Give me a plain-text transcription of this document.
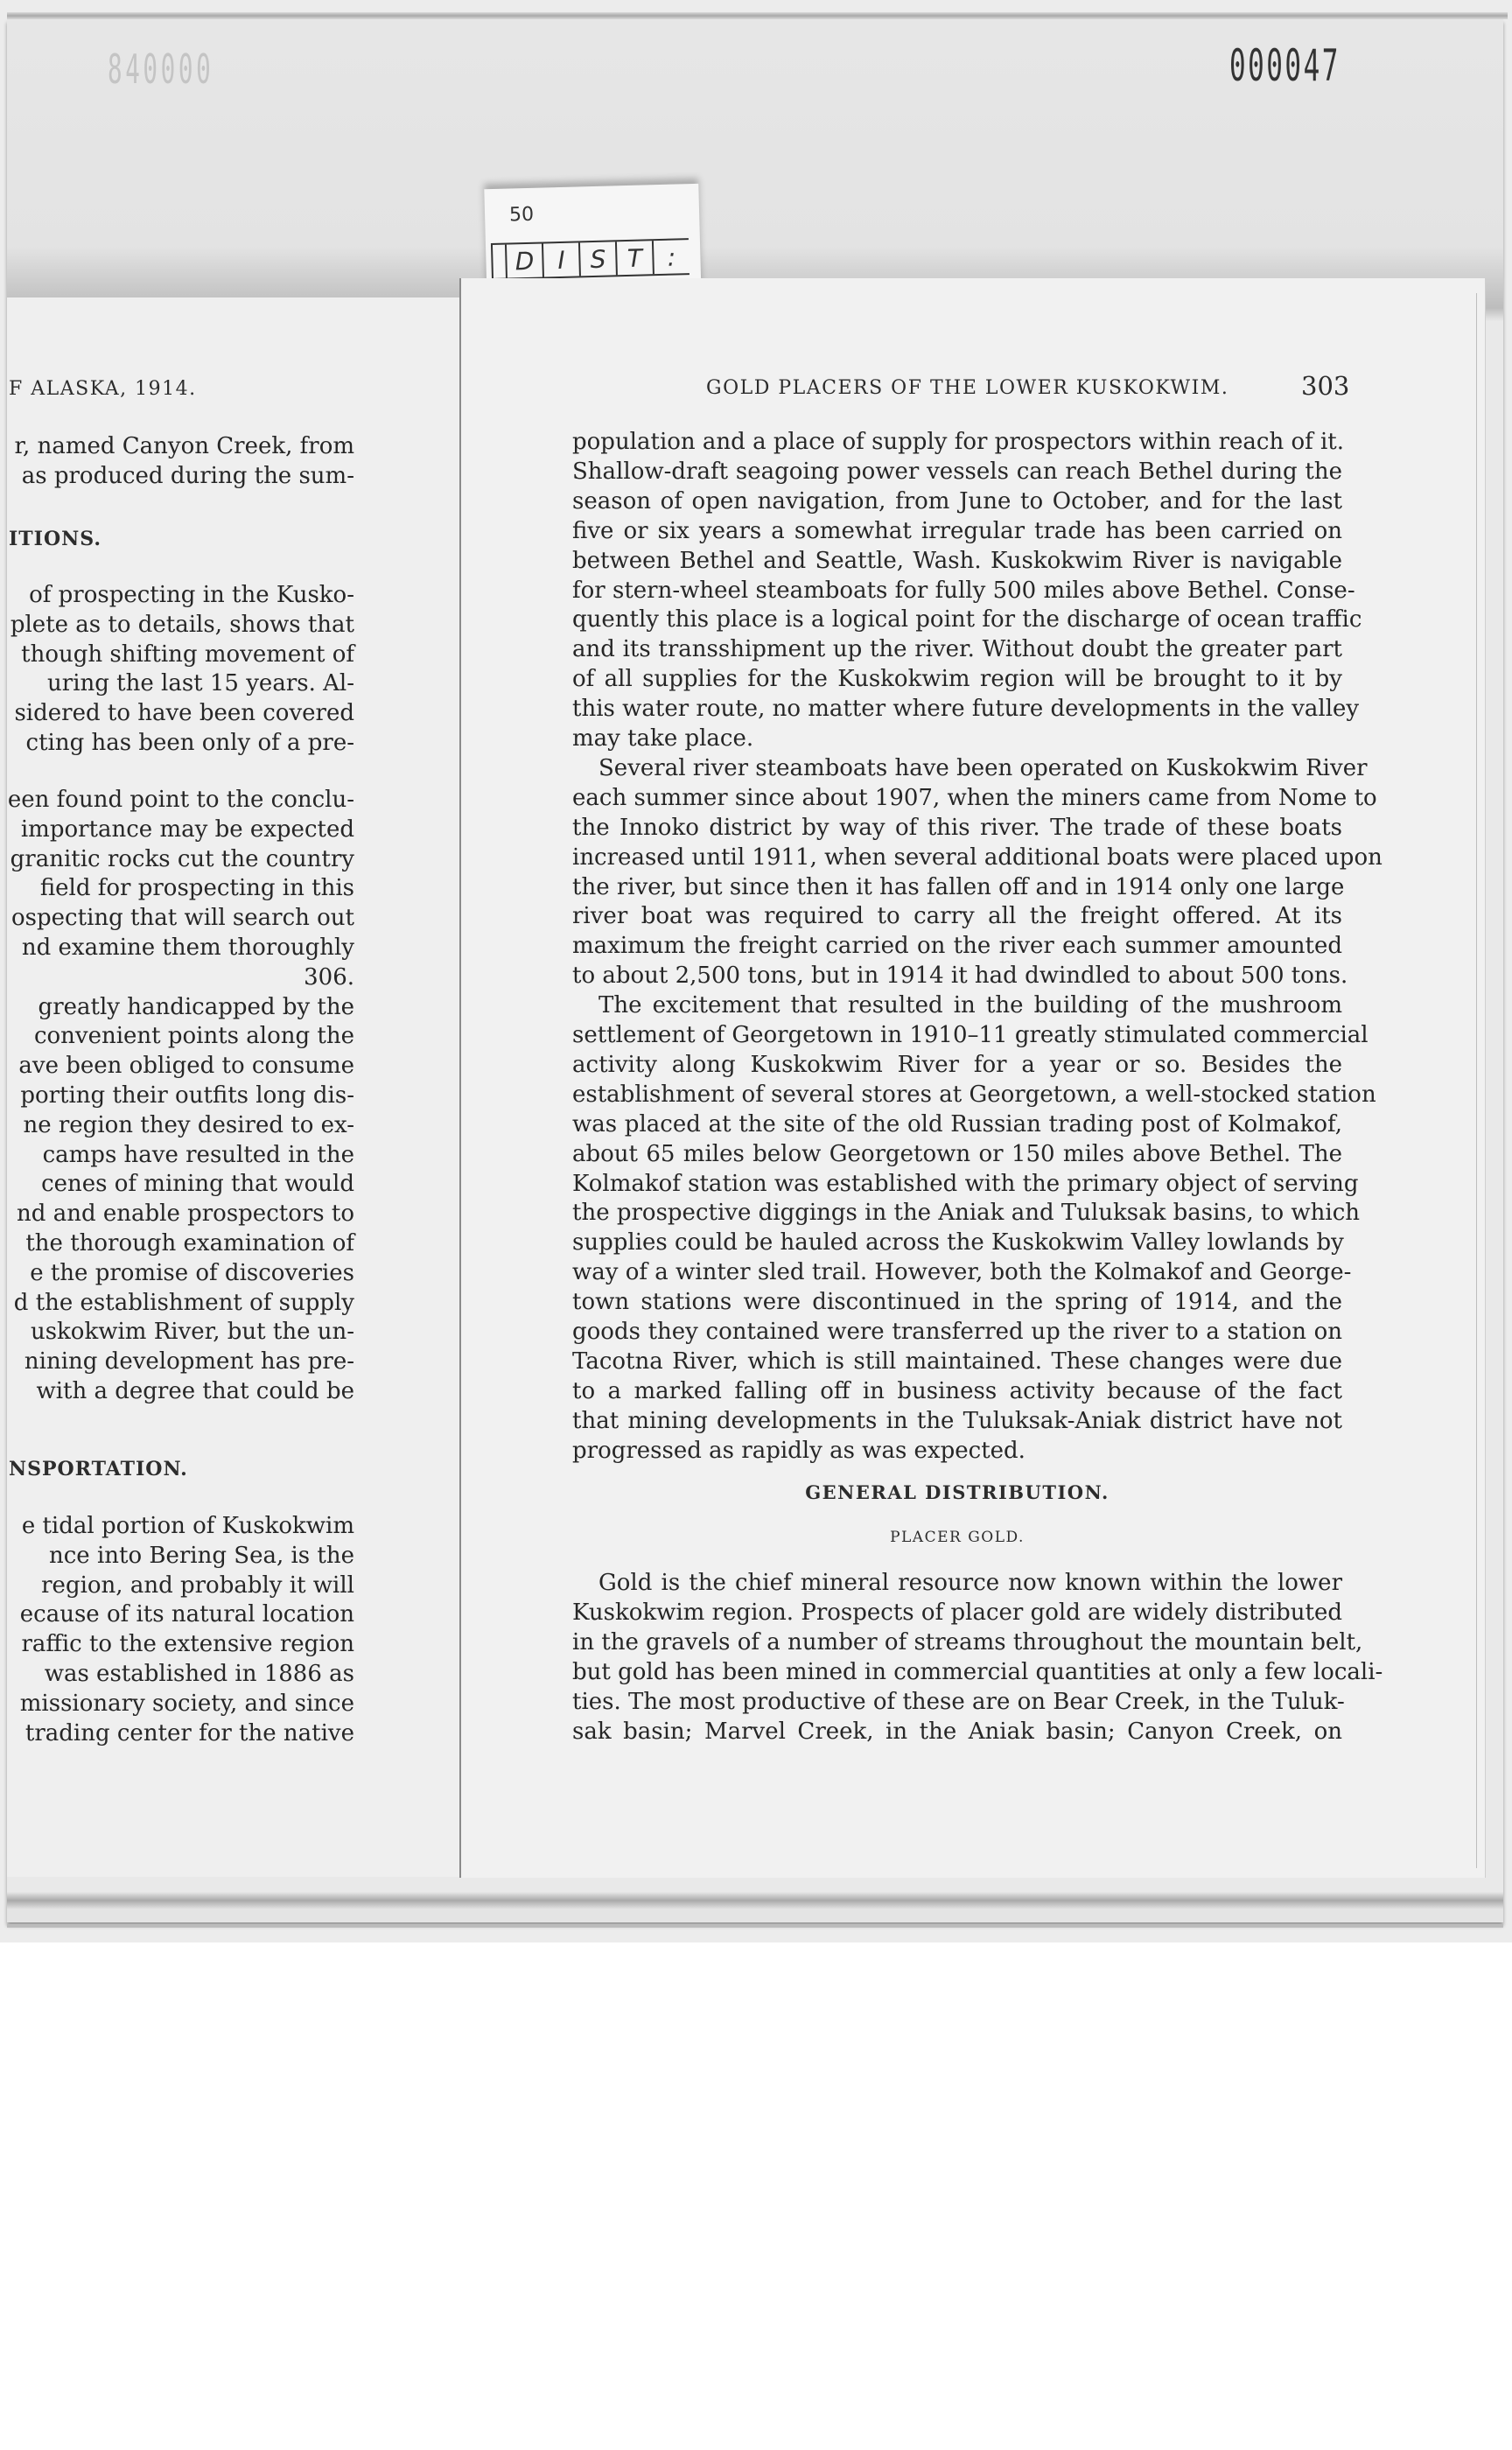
840000	000047
F ALASKA, 1914.
r, named Canyon Creek, from
as produced during the sum-
ITIONS.
of prospecting in the Kusko-
plete as to details, shows that
though shifting movement of
uring the last 15 years. Al-
sidered to have been covered
cting has been only of a pre-
een found point to the conclu-
importance may be expected
granitic rocks cut the country
field for prospecting in this
ospecting that will search out
nd examine them thoroughly
306.
greatly handicapped by the
convenient points along the
ave been obliged to consume
porting their outfits long dis-
ne region they desired to ex-
camps have resulted in the
cenes of mining that would
nd and enable prospectors to
the thorough examination of
e the promise of discoveries
d the establishment of supply
uskokwim River, but the un-
nining development has pre-
with a degree that could be
NSPORTATION.
e tidal portion of Kuskokwim
nce into Bering Sea, is the
region, and probably it will
ecause of its natural location
raffic to the extensive region
was established in 1886 as
missionary society, and since
trading center for the native
50
D I	S T :
GOLD PLACERS OF THE LOWER KUSKOKWIM.	303
population and a place of supply for prospectors within reach of it.
Shallow-draft seagoing power vessels can reach Bethel during the
season of open navigation, from June to October, and for the last
five or six years a somewhat irregular trade has been carried on
between Bethel and Seattle, Wash. Kuskokwim River is navigable
for stern-wheel steamboats for fully 500 miles above Bethel. Conse-
quently this place is a logical point for the discharge of ocean traffic
and its transshipment up the river. Without doubt the greater part
of all supplies for the Kuskokwim region will be brought to it by
this water route, no matter where future developments in the valley
may take place.
Several river steamboats have been operated on Kuskokwim River
each summer since about 1907, when the miners came from Nome to
the Innoko district by way of this river. The trade of these boats
increased until 1911, when several additional boats were placed upon
the river, but since then it has fallen off and in 1914 only one large
river boat was required to carry all the freight offered. At its
maximum the freight carried on the river each summer amounted
to about 2,500 tons, but in 1914 it had dwindled to about 500 tons.
The excitement that resulted in the building of the mushroom
settlement of Georgetown in 1910–11 greatly stimulated commercial
activity along Kuskokwim River for a year or so. Besides the
establishment of several stores at Georgetown, a well-stocked station
was placed at the site of the old Russian trading post of Kolmakof,
about 65 miles below Georgetown or 150 miles above Bethel. The
Kolmakof station was established with the primary object of serving
the prospective diggings in the Aniak and Tuluksak basins, to which
supplies could be hauled across the Kuskokwim Valley lowlands by
way of a winter sled trail. However, both the Kolmakof and George-
town stations were discontinued in the spring of 1914, and the
goods they contained were transferred up the river to a station on
Tacotna River, which is still maintained. These changes were due
to a marked falling off in business activity because of the fact
that mining developments in the Tuluksak-Aniak district have not
progressed as rapidly as was expected.
GENERAL DISTRIBUTION.
PLACER GOLD.
Gold is the chief mineral resource now known within the lower
Kuskokwim region. Prospects of placer gold are widely distributed
in the gravels of a number of streams throughout the mountain belt,
but gold has been mined in commercial quantities at only a few locali-
ties. The most productive of these are on Bear Creek, in the Tuluk-
sak basin; Marvel Creek, in the Aniak basin; Canyon Creek, on
